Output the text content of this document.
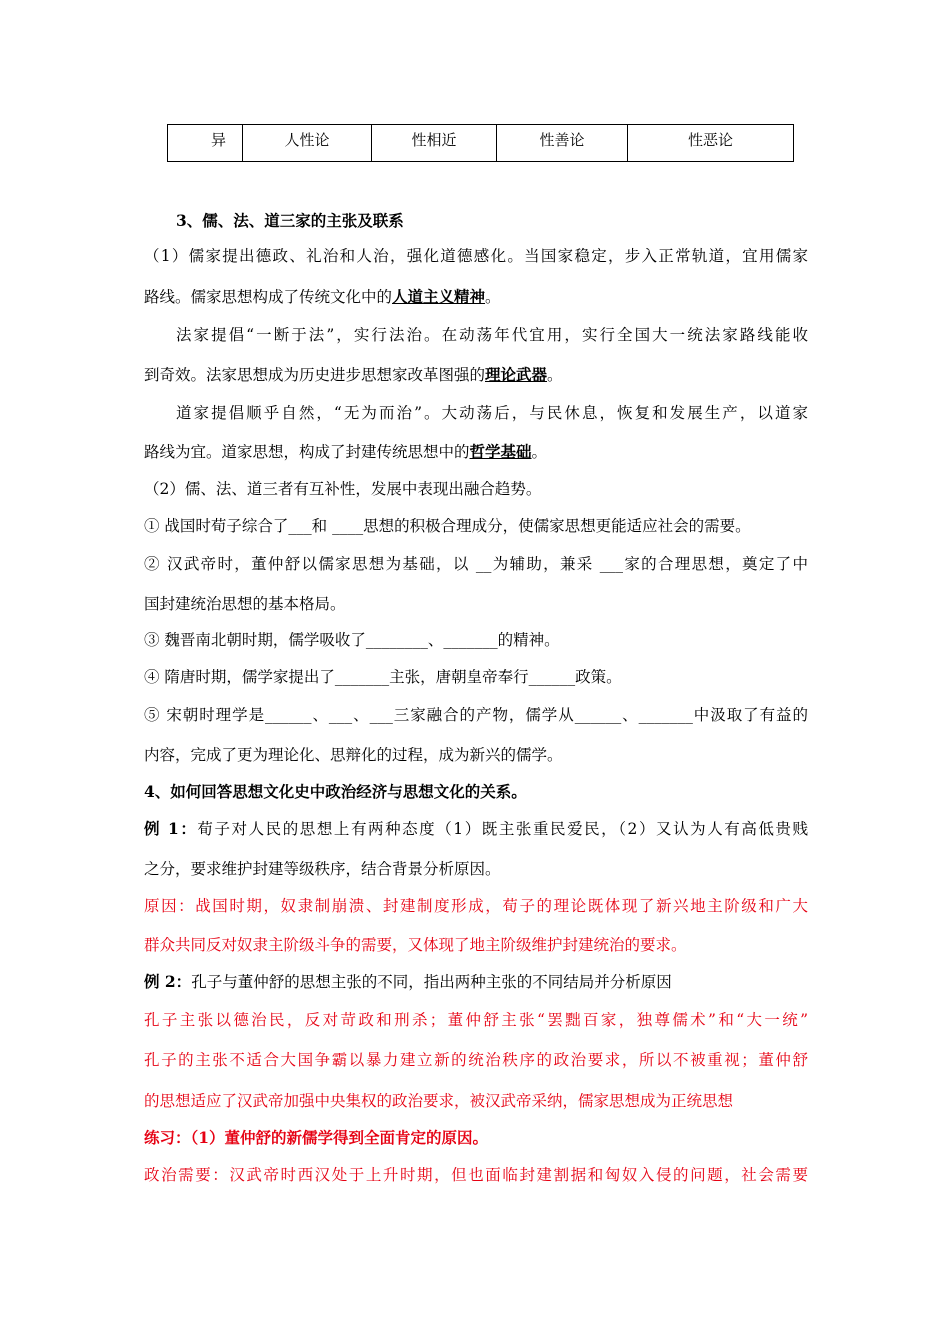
异	人性论	性相近	性善论	性恶论
3、儒、法、道三家的主张及联系
（1）儒家提出德政、礼治和人治，强化道德感化。当国家稳定，步入正常轨道，宜用儒家
路线。儒家思想构成了传统文化中的人道主义精神。
法家提倡“一断于法”，实行法治。在动荡年代宜用，实行全国大一统法家路线能收
到奇效。法家思想成为历史进步思想家改革图强的理论武器。
道家提倡顺乎自然，“无为而治”。大动荡后，与民休息，恢复和发展生产，以道家
路线为宜。道家思想，构成了封建传统思想中的哲学基础。
（2）儒、法、道三者有互补性，发展中表现出融合趋势。
① 战国时荀子综合了___和 ____思想的积极合理成分，使儒家思想更能适应社会的需要。
② 汉武帝时，董仲舒以儒家思想为基础，以 __为辅助，兼采 ___家的合理思想，奠定了中
国封建统治思想的基本格局。
③ 魏晋南北朝时期，儒学吸收了________、_______的精神。
④ 隋唐时期，儒学家提出了_______主张，唐朝皇帝奉行______政策。
⑤ 宋朝时理学是______、___、___三家融合的产物，儒学从______、_______中汲取了有益的
内容，完成了更为理论化、思辩化的过程，成为新兴的儒学。
4、如何回答思想文化史中政治经济与思想文化的关系。
例 1：荀子对人民的思想上有两种态度（1）既主张重民爱民，（2）又认为人有高低贵贱
之分，要求维护封建等级秩序，结合背景分析原因。
原因：战国时期，奴隶制崩溃、封建制度形成，荀子的理论既体现了新兴地主阶级和广大
群众共同反对奴隶主阶级斗争的需要，又体现了地主阶级维护封建统治的要求。
例 2：孔子与董仲舒的思想主张的不同，指出两种主张的不同结局并分析原因
孔子主张以德治民，反对苛政和刑杀；董仲舒主张“罢黜百家，独尊儒术”和“大一统”
孔子的主张不适合大国争霸以暴力建立新的统治秩序的政治要求，所以不被重视；董仲舒
的思想适应了汉武帝加强中央集权的政治要求，被汉武帝采纳，儒家思想成为正统思想
练习：（1）董仲舒的新儒学得到全面肯定的原因。
政治需要：汉武帝时西汉处于上升时期，但也面临封建割据和匈奴入侵的问题，社会需要
